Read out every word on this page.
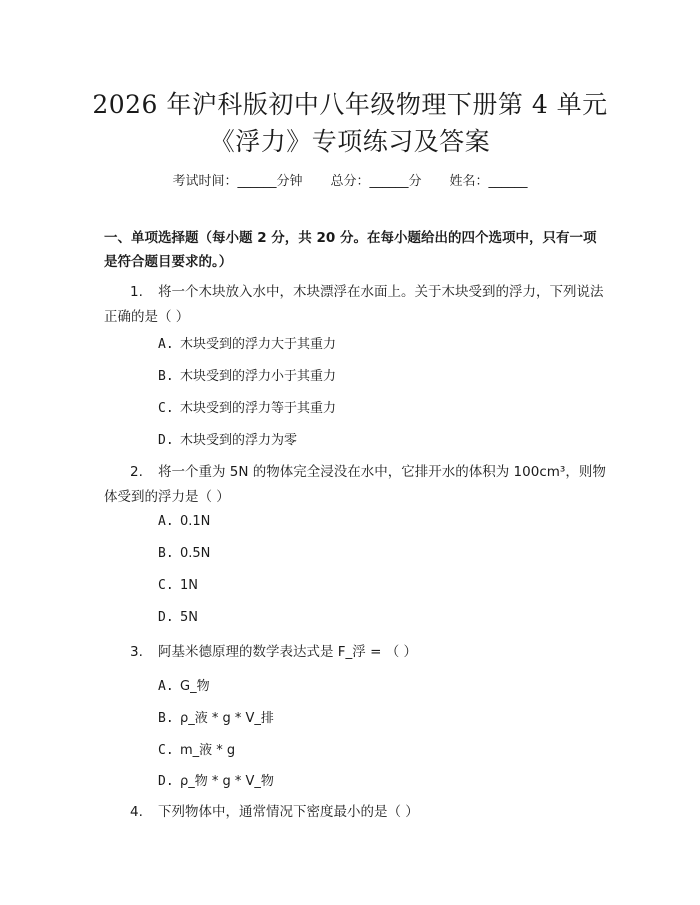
2026 年沪科版初中八年级物理下册第 4 单元
《浮力》专项练习及答案
考试时间：______分钟 总分：______分 姓名：______
一、单项选择题（每小题 2 分，共 20 分。在每小题给出的四个选项中，只有一项是符合题目要求的。）
1. 将一个木块放入水中，木块漂浮在水面上。关于木块受到的浮力，下列说法正确的是（ ）
A. 木块受到的浮力大于其重力
B. 木块受到的浮力小于其重力
C. 木块受到的浮力等于其重力
D. 木块受到的浮力为零
2. 将一个重为 5N 的物体完全浸没在水中，它排开水的体积为 100cm³，则物体受到的浮力是（ ）
A. 0.1N
B. 0.5N
C. 1N
D. 5N
3. 阿基米德原理的数学表达式是 F_浮 = （ ）
A. G_物
B. ρ_液 * g * V_排
C. m_液 * g
D. ρ_物 * g * V_物
4. 下列物体中，通常情况下密度最小的是（ ）
